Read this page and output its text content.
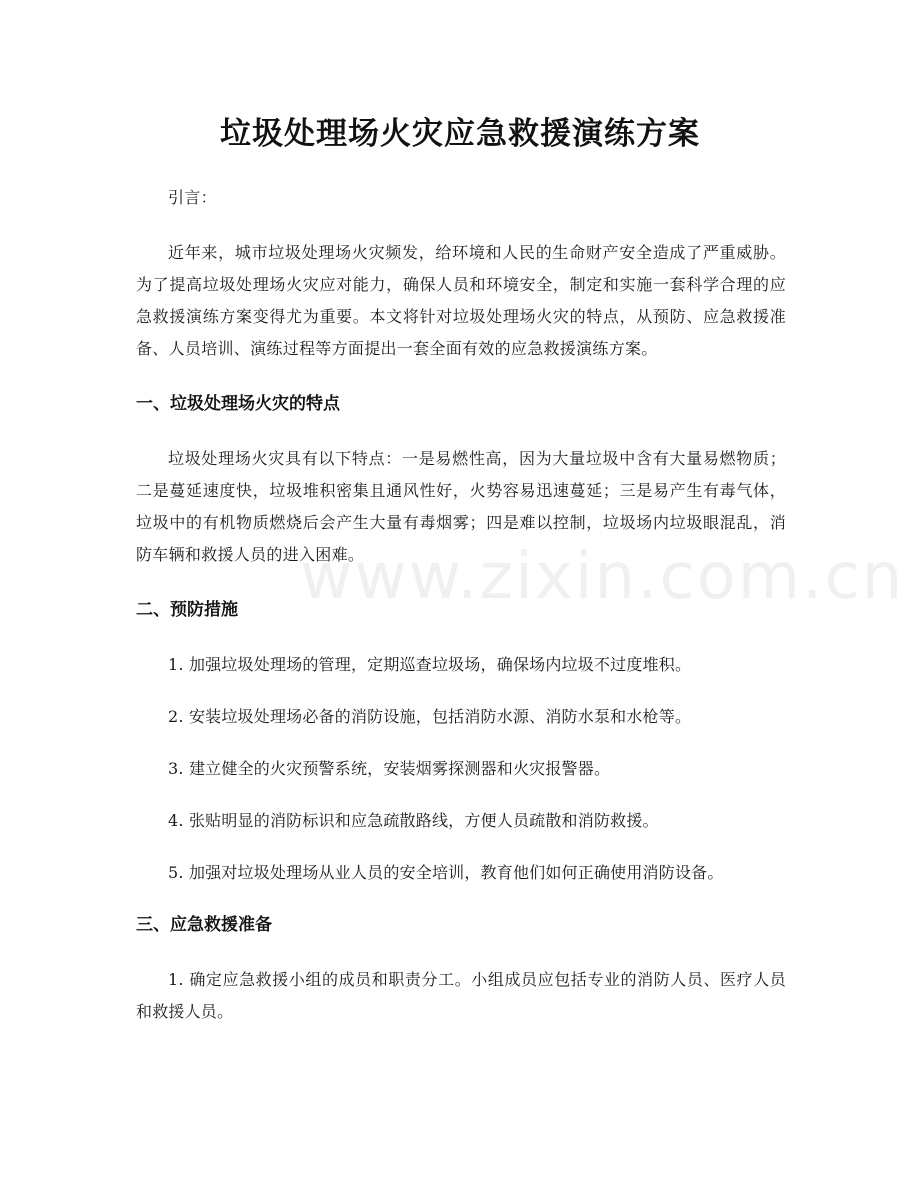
www.zixin.com.cn
垃圾处理场火灾应急救援演练方案

引言：

近年来，城市垃圾处理场火灾频发，给环境和人民的生命财产安全造成了严重威胁。为了提高垃圾处理场火灾应对能力，确保人员和环境安全，制定和实施一套科学合理的应急救援演练方案变得尤为重要。本文将针对垃圾处理场火灾的特点，从预防、应急救援准备、人员培训、演练过程等方面提出一套全面有效的应急救援演练方案。

一、垃圾处理场火灾的特点

垃圾处理场火灾具有以下特点：一是易燃性高，因为大量垃圾中含有大量易燃物质；二是蔓延速度快，垃圾堆积密集且通风性好，火势容易迅速蔓延；三是易产生有毒气体，垃圾中的有机物质燃烧后会产生大量有毒烟雾；四是难以控制，垃圾场内垃圾眼混乱，消防车辆和救援人员的进入困难。

二、预防措施

1. 加强垃圾处理场的管理，定期巡查垃圾场，确保场内垃圾不过度堆积。

2. 安装垃圾处理场必备的消防设施，包括消防水源、消防水泵和水枪等。

3. 建立健全的火灾预警系统，安装烟雾探测器和火灾报警器。

4. 张贴明显的消防标识和应急疏散路线，方便人员疏散和消防救援。

5. 加强对垃圾处理场从业人员的安全培训，教育他们如何正确使用消防设备。

三、应急救援准备

1. 确定应急救援小组的成员和职责分工。小组成员应包括专业的消防人员、医疗人员和救援人员。
